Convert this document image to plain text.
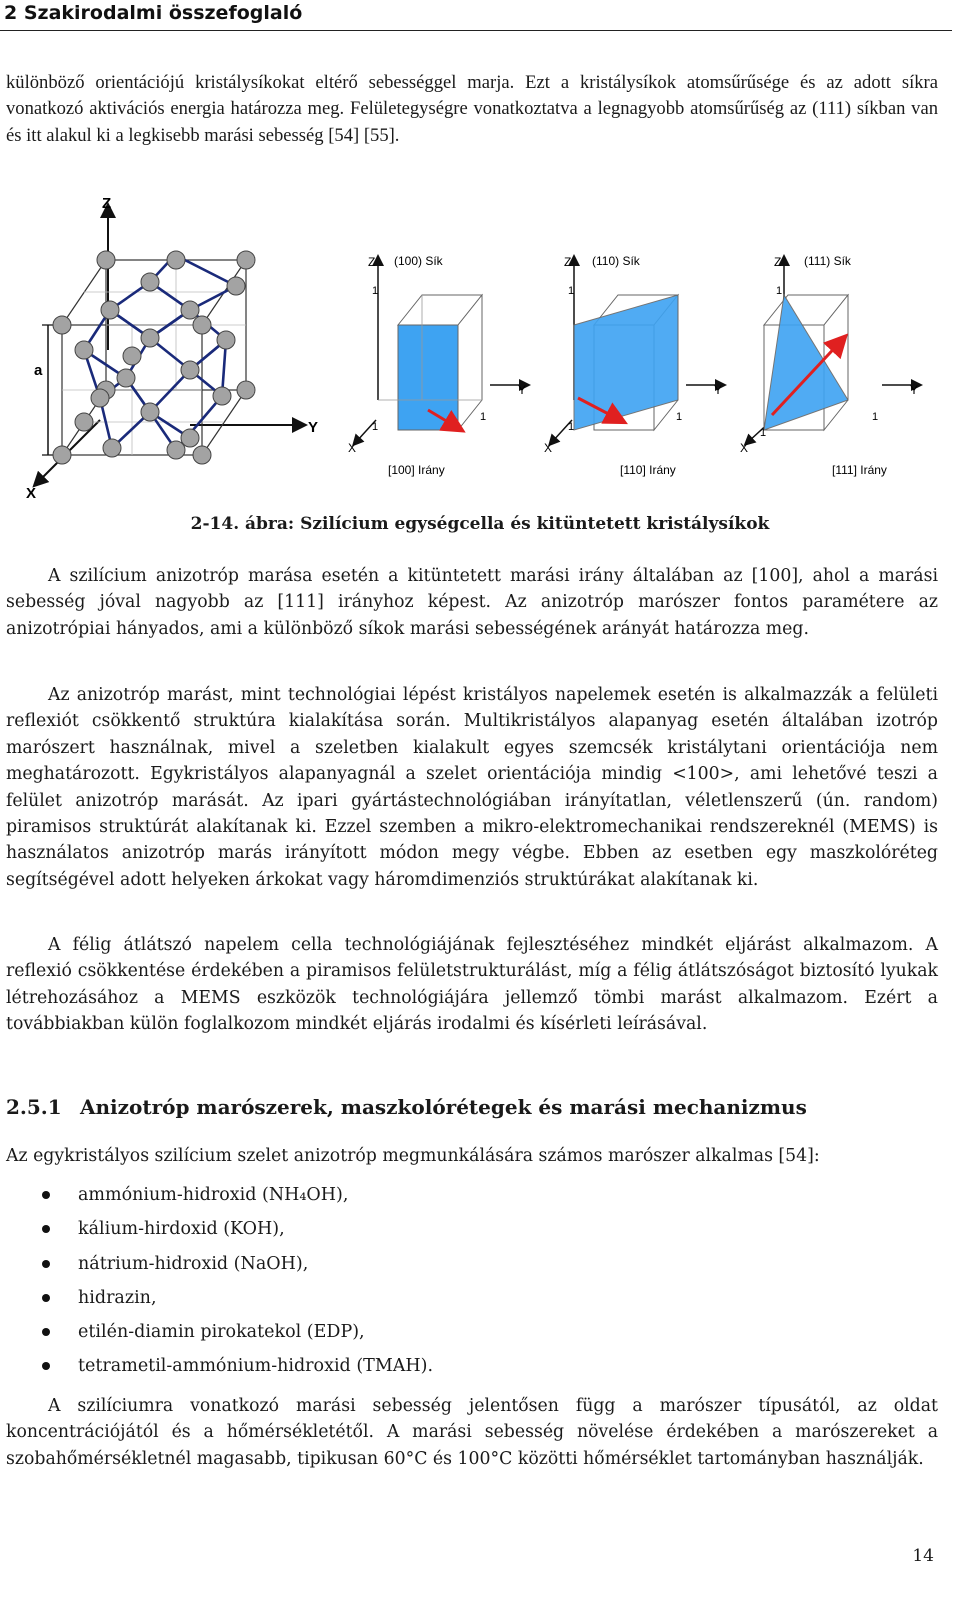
2 Szakirodalmi összefoglaló

különböző orientációjú kristálysíkokat eltérő sebességgel marja. Ezt a kristálysíkok atomsűrűsége és az adott síkra vonatkozó aktivációs energia határozza meg. Felületegységre vonatkoztatva a legnagyobb atomsűrűség az (111) síkban van és itt alakul ki a legkisebb marási sebesség [54] [55].

Z
Y
X
a
(100) Sík
[100] Irány
Z
Y
X
1
1
1
(110) Sík
[110] Irány
Z
Y
X
1
1
1
(111) Sík
[111] Irány
Z
Y
X
1
1
1
2-14. ábra: Szilícium egységcella és kitüntetett kristálysíkok

A szilícium anizotróp marása esetén a kitüntetett marási irány általában az [100], ahol a marási sebesség jóval nagyobb az [111] irányhoz képest. Az anizotróp marószer fontos paramétere az anizotrópiai hányados, ami a különböző síkok marási sebességének arányát határozza meg.

Az anizotróp marást, mint technológiai lépést kristályos napelemek esetén is alkalmazzák a felületi reflexiót csökkentő struktúra kialakítása során. Multikristályos alapanyag esetén általában izotróp marószert használnak, mivel a szeletben kialakult egyes szemcsék kristálytani orientációja nem meghatározott. Egykristályos alapanyagnál a szelet orientációja mindig <100>, ami lehetővé teszi a felület anizotróp marását. Az ipari gyártástechnológiában irányítatlan, véletlenszerű (ún. random) piramisos struktúrát alakítanak ki. Ezzel szemben a mikro-elektromechanikai rendszereknél (MEMS) is használatos anizotróp marás irányított módon megy végbe. Ebben az esetben egy maszkolóréteg segítségével adott helyeken árkokat vagy háromdimenziós struktúrákat alakítanak ki.

A félig átlátszó napelem cella technológiájának fejlesztéséhez mindkét eljárást alkalmazom. A reflexió csökkentése érdekében a piramisos felületstrukturálást, míg a félig átlátszóságot biztosító lyukak létrehozásához a MEMS eszközök technológiájára jellemző tömbi marást alkalmazom. Ezért a továbbiakban külön foglalkozom mindkét eljárás irodalmi és kísérleti leírásával.

2.5.1 Anizotróp marószerek, maszkolórétegek és marási mechanizmus

Az egykristályos szilícium szelet anizotróp megmunkálására számos marószer alkalmas [54]:

ammónium-hidroxid (NH₄OH),
kálium-hirdoxid (KOH),
nátrium-hidroxid (NaOH),
hidrazin,
etilén-diamin pirokatekol (EDP),
tetrametil-ammónium-hidroxid (TMAH).

A szilíciumra vonatkozó marási sebesség jelentősen függ a marószer típusától, az oldat koncentrációjától és a hőmérsékletétől. A marási sebesség növelése érdekében a marószereket a szobahőmérsékletnél magasabb, tipikusan 60°C és 100°C közötti hőmérséklet tartományban használják.

14
